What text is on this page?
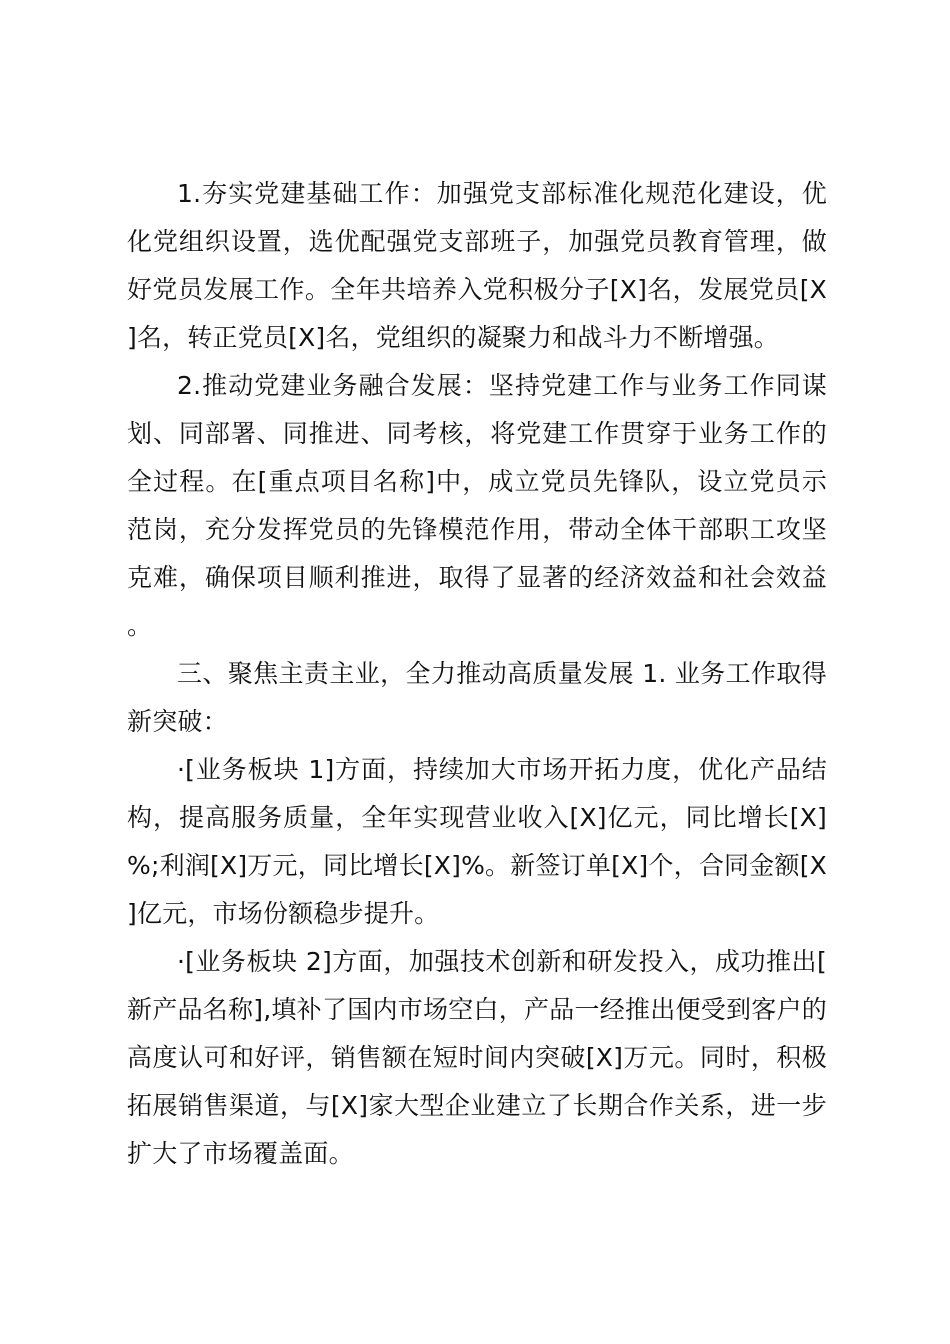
1.夯实党建基础工作：加强党支部标准化规范化建设，优化党组织设置，选优配强党支部班子，加强党员教育管理，做好党员发展工作。全年共培养入党积极分子[X]名，发展党员[X]名，转正党员[X]名，党组织的凝聚力和战斗力不断增强。

2.推动党建业务融合发展：坚持党建工作与业务工作同谋划、同部署、同推进、同考核，将党建工作贯穿于业务工作的全过程。在[重点项目名称]中，成立党员先锋队，设立党员示范岗，充分发挥党员的先锋模范作用，带动全体干部职工攻坚克难，确保项目顺利推进，取得了显著的经济效益和社会效益。

三、聚焦主责主业，全力推动高质量发展 1. 业务工作取得新突破：

·[业务板块 1]方面，持续加大市场开拓力度，优化产品结构，提高服务质量，全年实现营业收入[X]亿元，同比增长[X]%;利润[X]万元，同比增长[X]%。新签订单[X]个，合同金额[X]亿元，市场份额稳步提升。

·[业务板块 2]方面，加强技术创新和研发投入，成功推出[新产品名称],填补了国内市场空白，产品一经推出便受到客户的高度认可和好评，销售额在短时间内突破[X]万元。同时，积极拓展销售渠道，与[X]家大型企业建立了长期合作关系，进一步扩大了市场覆盖面。
